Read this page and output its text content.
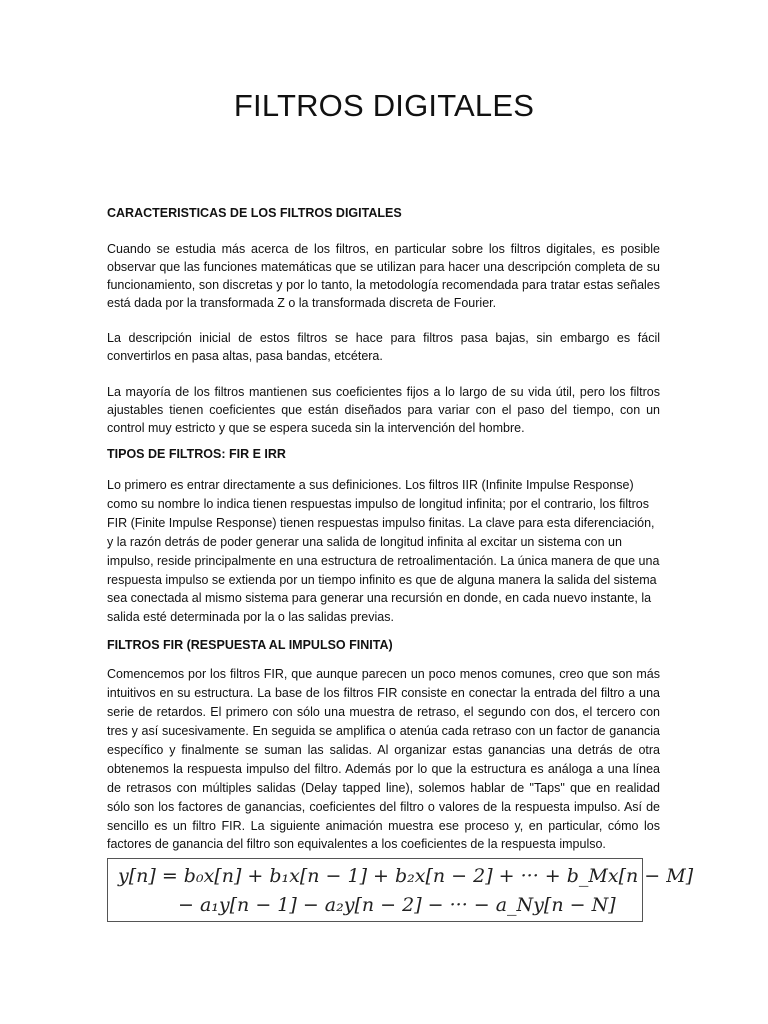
FILTROS DIGITALES
CARACTERISTICAS DE LOS FILTROS DIGITALES

Cuando se estudia más acerca de los filtros, en particular sobre los filtros digitales, es posible observar que las funciones matemáticas que se utilizan para hacer una descripción completa de su funcionamiento, son discretas y por lo tanto, la metodología recomendada para tratar estas señales está dada por la transformada Z o la transformada discreta de Fourier.

La descripción inicial de estos filtros se hace para filtros pasa bajas, sin embargo es fácil convertirlos en pasa altas, pasa bandas, etcétera.

La mayoría de los filtros mantienen sus coeficientes fijos a lo largo de su vida útil, pero los filtros ajustables tienen coeficientes que están diseñados para variar con el paso del tiempo, con un control muy estricto y que se espera suceda sin la intervención del hombre.

TIPOS DE FILTROS: FIR E IRR

Lo primero es entrar directamente a sus definiciones. Los filtros IIR (Infinite Impulse Response) como su nombre lo indica tienen respuestas impulso de longitud infinita; por el contrario, los filtros FIR (Finite Impulse Response) tienen respuestas impulso finitas. La clave para esta diferenciación, y la razón detrás de poder generar una salida de longitud infinita al excitar un sistema con un impulso, reside principalmente en una estructura de retroalimentación. La única manera de que una respuesta impulso se extienda por un tiempo infinito es que de alguna manera la salida del sistema sea conectada al mismo sistema para generar una recursión en donde, en cada nuevo instante, la salida esté determinada por la o las salidas previas.

FILTROS FIR (RESPUESTA AL IMPULSO FINITA)

Comencemos por los filtros FIR, que aunque parecen un poco menos comunes, creo que son más intuitivos en su estructura. La base de los filtros FIR consiste en conectar la entrada del filtro a una serie de retardos. El primero con sólo una muestra de retraso, el segundo con dos, el tercero con tres y así sucesivamente. En seguida se amplifica o atenúa cada retraso con un factor de ganancia específico y finalmente se suman las salidas. Al organizar estas ganancias una detrás de otra obtenemos la respuesta impulso del filtro. Además por lo que la estructura es análoga a una línea de retrasos con múltiples salidas (Delay tapped line), solemos hablar de "Taps" que en realidad sólo son los factores de ganancias, coeficientes del filtro o valores de la respuesta impulso. Así de sencillo es un filtro FIR. La siguiente animación muestra ese proceso y, en particular, cómo los factores de ganancia del filtro son equivalentes a los coeficientes de la respuesta impulso.

y[n] = b₀x[n] + b₁x[n − 1] + b₂x[n − 2] + ··· + b_Mx[n − M]
− a₁y[n − 1] − a₂y[n − 2] − ··· − a_Ny[n − N]
